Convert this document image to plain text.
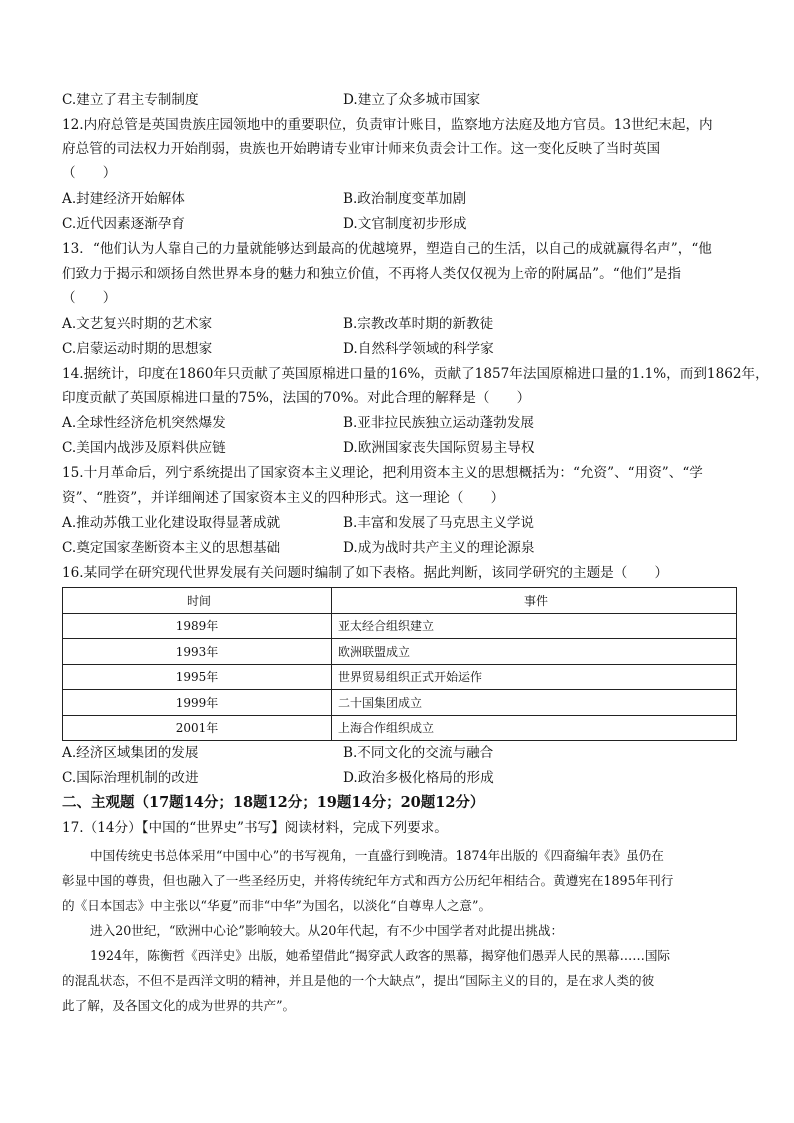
C.建立了君主专制制度	D.建立了众多城市国家
12.内府总管是英国贵族庄园领地中的重要职位，负责审计账目，监察地方法庭及地方官员。13世纪末起，内
府总管的司法权力开始削弱，贵族也开始聘请专业审计师来负责会计工作。这一变化反映了当时英国
（　　）
A.封建经济开始解体	B.政治制度变革加剧
C.近代因素逐渐孕育	D.文官制度初步形成
13．“他们认为人靠自己的力量就能够达到最高的优越境界，塑造自己的生活，以自己的成就赢得名声”，“他
们致力于揭示和颂扬自然世界本身的魅力和独立价值，不再将人类仅仅视为上帝的附属品”。“他们”是指
（　　）
A.文艺复兴时期的艺术家	B.宗教改革时期的新教徒
C.启蒙运动时期的思想家	D.自然科学领域的科学家
14.据统计，印度在1860年只贡献了英国原棉进口量的16%，贡献了1857年法国原棉进口量的1.1%，而到1862年，
印度贡献了英国原棉进口量的75%，法国的70%。对此合理的解释是（　　）
A.全球性经济危机突然爆发	B.亚非拉民族独立运动蓬勃发展
C.美国内战涉及原料供应链	D.欧洲国家丧失国际贸易主导权
15.十月革命后，列宁系统提出了国家资本主义理论，把利用资本主义的思想概括为：“允资”、“用资”、“学
资”、“胜资”，并详细阐述了国家资本主义的四种形式。这一理论（　　）
A.推动苏俄工业化建设取得显著成就	B.丰富和发展了马克思主义学说
C.奠定国家垄断资本主义的思想基础	D.成为战时共产主义的理论源泉
16.某同学在研究现代世界发展有关问题时编制了如下表格。据此判断，该同学研究的主题是（　　）
时间	事件
1989年	亚太经合组织建立
1993年	欧洲联盟成立
1995年	世界贸易组织正式开始运作
1999年	二十国集团成立
2001年	上海合作组织成立
A.经济区域集团的发展	B.不同文化的交流与融合
C.国际治理机制的改进	D.政治多极化格局的形成
二、主观题（17题14分；18题12分；19题14分；20题12分）
17.（14分）【中国的“世界史”书写】阅读材料，完成下列要求。
中国传统史书总体采用“中国中心”的书写视角，一直盛行到晚清。1874年出版的《四裔编年表》虽仍在
彰显中国的尊贵，但也融入了一些圣经历史，并将传统纪年方式和西方公历纪年相结合。黄遵宪在1895年刊行
的《日本国志》中主张以“华夏”而非“中华”为国名，以淡化“自尊卑人之意”。
进入20世纪，“欧洲中心论”影响较大。从20年代起，有不少中国学者对此提出挑战：
1924年，陈衡哲《西洋史》出版，她希望借此“揭穿武人政客的黑幕，揭穿他们愚弄人民的黑幕……国际
的混乱状态，不但不是西洋文明的精神，并且是他的一个大缺点”，提出“国际主义的目的，是在求人类的彼
此了解，及各国文化的成为世界的共产”。
